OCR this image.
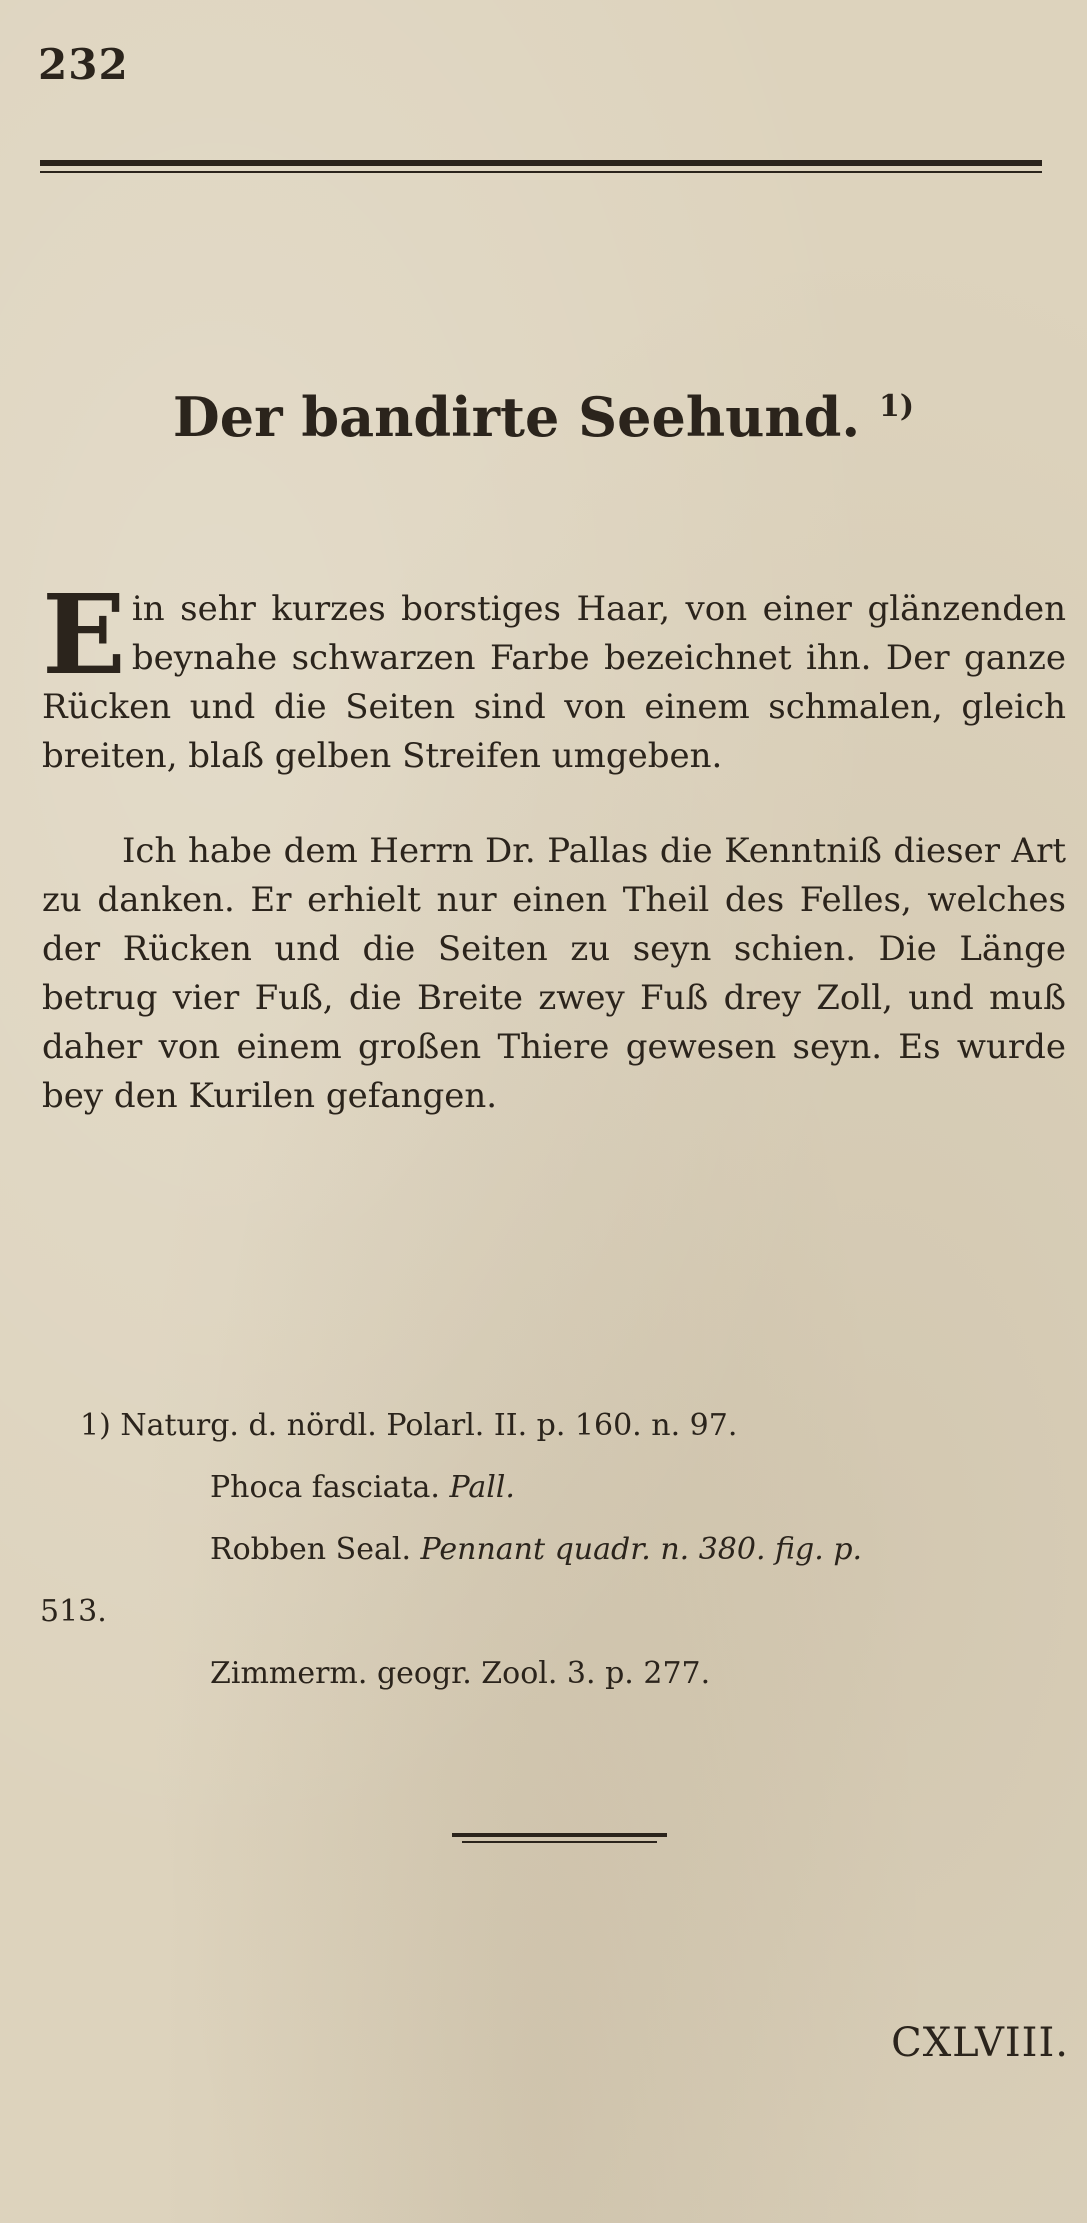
232
Der bandirte Seehund. $^{1)}$

Ein sehr kurzes borstiges Haar, von einer glänzenden beynahe schwarzen Farbe bezeichnet ihn. Der ganze Rücken und die Seiten sind von einem schmalen, gleich breiten, blaß gelben Streifen umgeben.

Ich habe dem Herrn Dr. Pallas die Kenntniß dieser Art zu danken. Er erhielt nur einen Theil des Felles, welches der Rücken und die Seiten zu seyn schien. Die Länge betrug vier Fuß, die Breite zwey Fuß drey Zoll, und muß daher von einem großen Thiere gewesen seyn. Es wurde bey den Kurilen gefangen.

1) Naturg. d. nördl. Polarl. II. p. 160. n. 97.
Phoca fasciata. Pall.
Robben Seal. Pennant quadr. n. 380. fig. p.
513.
Zimmerm. geogr. Zool. 3. p. 277.
CXLVIII.
